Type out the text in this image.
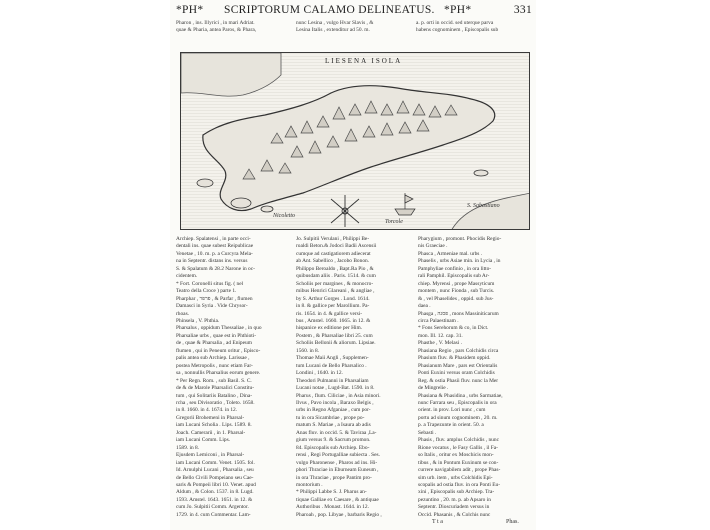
*PH* SCRIPTORUM CALAMO DELINEATUS. *PH*	331
Pharon , ins. Illyrici , in mari Adriat.
quae & Pharia, antea Paros, & Phara,
nunc Lesina , vulgo Hvar Slavis , &
Lesina Italis , extenditur ad 50. m.
a. p. orti in occid. sed uterque parva
habens cognominem , Episcopalis sub
LIESENA ISOLA
Nicoletto
Torcole
S. Sabastiano

Archiep. Spalatensi , in parte occi-

dentali ins. quae subest Reipublicae

Venetae , 10. m. p. a Curcyra Mela-

na in Septentr. distans ins. versus

S. & Spalatum & 28.2 Narone in oc-

cidentem.

* Fort. Coronelli situs fig. ( nel

Teatro della Croce ) parte 1.

Pharphar , פרפר , & Parfar , flumen

Damasci in Syria . Vide Chrysor-

rhoas.

Phinsela , V. Phthia.

Pharsalus , oppidum Thessaliae , in quo

Pharsaliae urbs , quae est in Phthioti-

de , quae & Pharsalia , ad Enipeum

flumen , qui in Peneum oritur , Episco-

palis antea sub Archiep. Larissae ,

postea Metropolis , nunc etiam Far-

sa , nonnullis Pharsalius eorum genere.

* Per Regn. Rom. , sub Basil. S. C.

de & de Marole Pharsalici Constitu-

tum , qui Solitariis Batalino , Dina-

rcha , seu Divisoratio , Toleto. 1658.

in 8. 1660. in 4. 1674. in 12.

Gregorii Brohemeni in Pharsal-

iam Lucani Scholia . Lips. 1589. 8.

Joach. Camerarii , in 1. Pharsal-

iam Lucani Comm. Lips.

1589. in 8.

Ejusdem Lemiconi , in Pharsal-

iam Lucani Comm. Venet. 1505. fol.

Id. Arnulphi Lucani , Pharsalia , seu

de Bello Civili Pompeiano seu Cae-

saris & Pompeii libri 10. Venet. apud

Aldum , & Colon. 1537. in 8. Lugd.

1593. Amstel. 1643. 1651. in 12. &

cum Jo. Sulpitii Comm. Argentor.

1729. in 4. cum Commentar. Lam-

Jo. Sulpitii Verulani , Philippi Be-

roaldi Beton.& Jodoci Badii Ascensii

cumque ad castigatiorem adiecerat

ab Ant. Sabellico , Jacobo Bonon.

Philippo Beroaldo , Bapt.Ra Pio , &

quibusdam aliis . Paris. 1514. & cum

Scholiis per margines , & monocro-

mibus Henrici Glareani , & angliae ,

by S. Arthur Gorges . Lond. 1614.

in 8. & gallice per Marollium. Pa-

ris. 1654. in 4. & gallice versi-

bus , Amstel. 1660. 1665. in 12. &

hispanice ex editione per Him.

Postem , & Pharsaliae libri 25. cum

Scholiis Bellonii & aliorum. Lipsiae.

1560. in 8.

Thomae Maii Angli , Supplemen-

tum Lucani de Bello Pharsalico .

Londini , 1640. in 12.

Theodori Pulmanni in Pharsaliam

Lucani notae , Lugd-Bat. 1590. in 8.

Pharus , flum. Ciliciae , in Asia minori.

Ilvus , Pavo incola , Baraxo Belgis ,

urbs in Regno Afganiae , cum por-

tu in ora Sicambriae , prope po-

matum S. Mariae , a Isaura ab adis

Anas fluv. in occid. 5. & Taviraa ,La-

gium versus 9. & Sacrum promon.

84. Episcopalis sub Archiep. Ebo-

rensi , Regi Portugalliae subiecta . Ses.

vulgo Pharonense , Pharos ad ins. Hi-

phori Thraciae in Eburneam Euneum ,

in ora Thraciae , prope Pantim pro-

montorium .

* Philippi Labbe S. J. Pharus an-

tiquae Galliae ex Caesare , & antiquae

Authoribus . Monast. 1644. in 12.

Pharoah , pop. Libyae , barbaris Regio ,

Pharygium , promont. Phocidis Regio-

nis Graeciae .

Phasca , Armeniae mal. urbs .

Phaselis , urbs Asiae min. in Lycia , in

Pamphyliae confinio , in ora litto-

rali Pamphil. Episcopalis sub Ar-

chiep. Myrensi , prope Massyticum

montem , nunc Fionda , sub Turcis.

& , vel Phaselides , oppid. sub Jus-

daea .

Phasga , פסגה , mons Massiniticarum

circa Palaestinam .

* Fons Serehorum & co, in Dict.

mon. Ill. 12. cap. 31.

Phasthe , V. Melasi .

Phasiana Regio , pars Colchidis circa

Phasium fluv. & Phasidem oppid.

Phasianum Mare , pars est Orientalis

Ponti Euxini versus oram Colchidis

Reg. & ostia Phasii fluv. nunc la Mer

de Mingrelie .

Phasiana & Phasidina , urbs Sarmatiae,

nunc Farrara seu , Episcopalis in ora

orient. in prov. Lori nunc , cum

portu ad sinum cognominem , 20. m.

p. a Trapezunte in orient. 50. a

Sebasti .

Phasis , fluv. amplus Colchidis , nunc

Rione vocatus , le Fasy Gallis , il Fa-

so Italis , oritur ex Moschicis mon-

tibus , & in Pontum Euxinum se con-

currere navigabilem adit , prope Phas-

sim urb. item , urbs Colchidis Epi-

scopalis ad ostia fluv. in ora Ponti Eu-

xini , Episcopalis sub Archiep. Tra-

pezuntino , 20. m. p. ab Apsaro in

Septentr. Dioscuriadem versus in

Occid. Phasanis , & Colchis nunc

T t a	Phas.
